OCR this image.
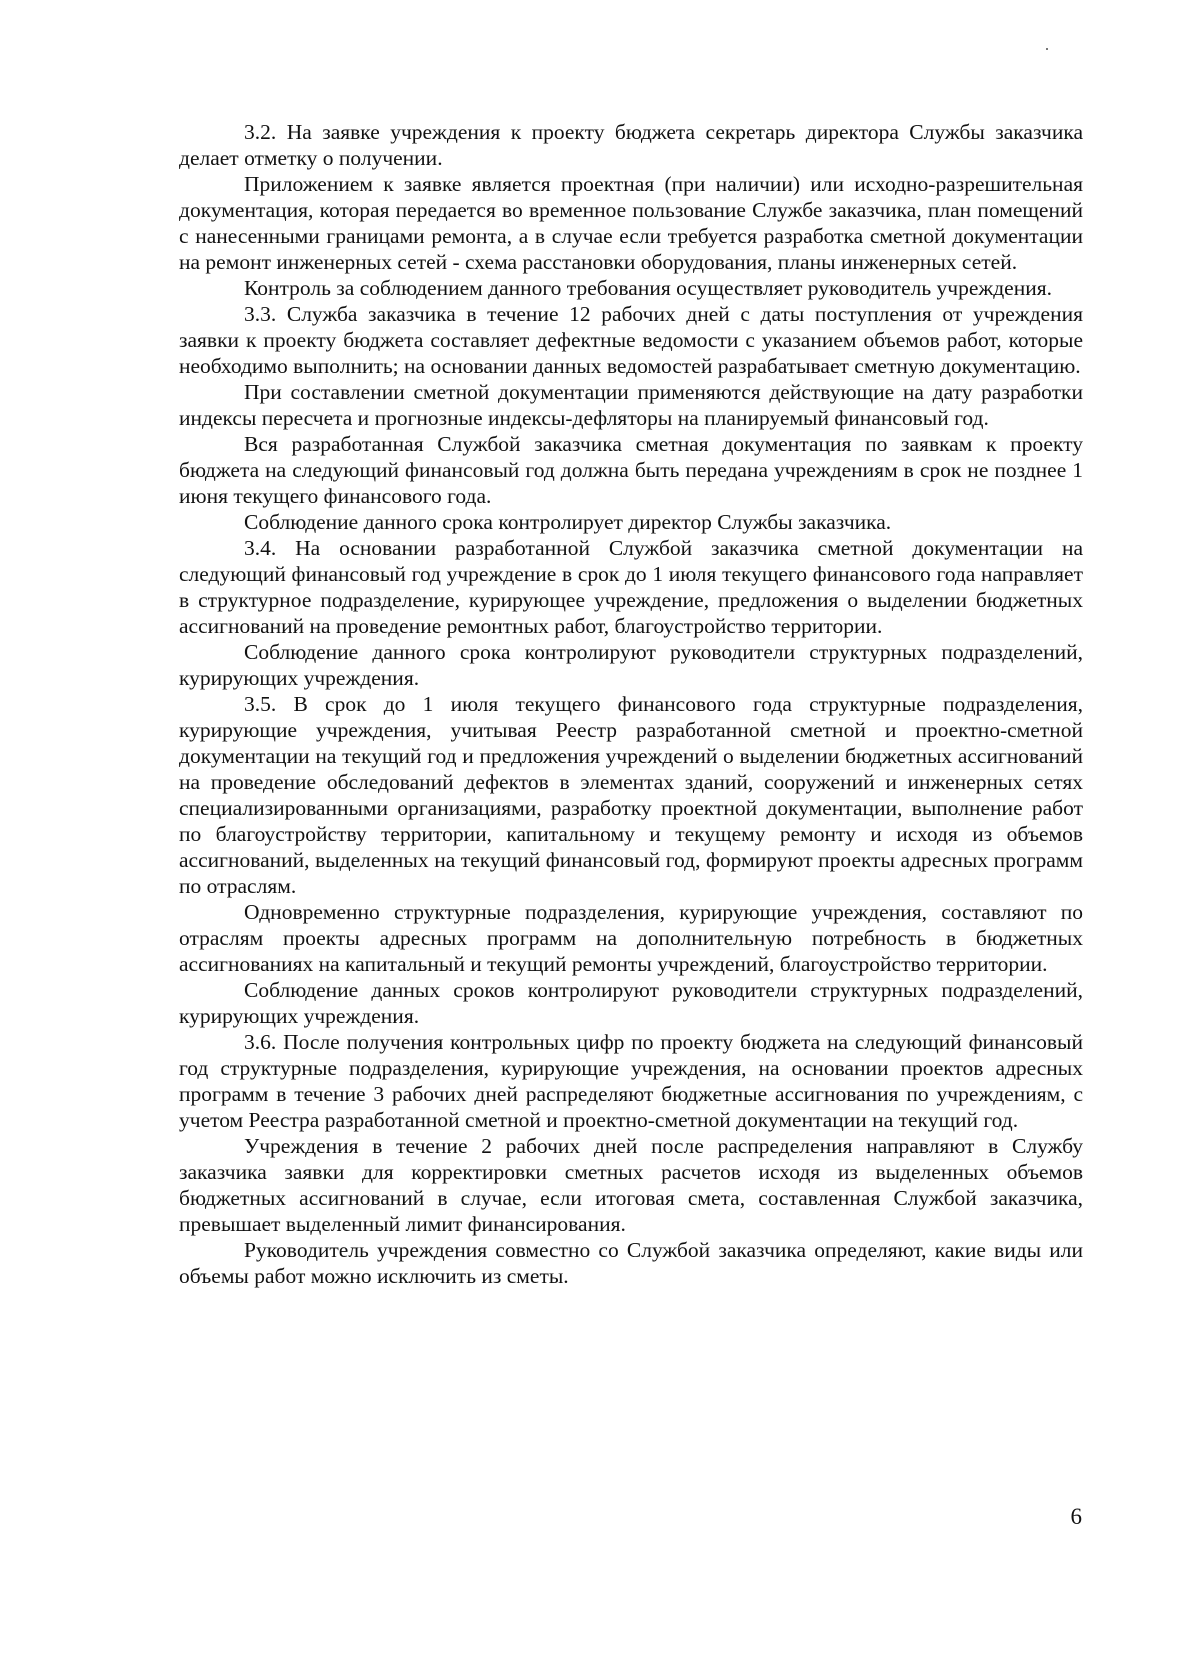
3.2. На заявке учреждения к проекту бюджета секретарь директора Службы заказчика делает отметку о получении.

Приложением к заявке является проектная (при наличии) или исходно-разрешительная документация, которая передается во временное пользование Службе заказчика, план помещений с нанесенными границами ремонта, а в случае если требуется разработка сметной документации на ремонт инженерных сетей - схема расстановки оборудования, планы инженерных сетей.

Контроль за соблюдением данного требования осуществляет руководитель учреждения.

3.3. Служба заказчика в течение 12 рабочих дней с даты поступления от учреждения заявки к проекту бюджета составляет дефектные ведомости с указанием объемов работ, которые необходимо выполнить; на основании данных ведомостей разрабатывает сметную документацию.

При составлении сметной документации применяются действующие на дату разработки индексы пересчета и прогнозные индексы-дефляторы на планируемый финансовый год.

Вся разработанная Службой заказчика сметная документация по заявкам к проекту бюджета на следующий финансовый год должна быть передана учреждениям в срок не позднее 1 июня текущего финансового года.

Соблюдение данного срока контролирует директор Службы заказчика.

3.4. На основании разработанной Службой заказчика сметной документации на следующий финансовый год учреждение в срок до 1 июля текущего финансового года направляет в структурное подразделение, курирующее учреждение, предложения о выделении бюджетных ассигнований на проведение ремонтных работ, благоустройство территории.

Соблюдение данного срока контролируют руководители структурных подразделений, курирующих учреждения.

3.5. В срок до 1 июля текущего финансового года структурные подразделения, курирующие учреждения, учитывая Реестр разработанной сметной и проектно-сметной документации на текущий год и предложения учреждений о выделении бюджетных ассигнований на проведение обследований дефектов в элементах зданий, сооружений и инженерных сетях специализированными организациями, разработку проектной документации, выполнение работ по благоустройству территории, капитальному и текущему ремонту и исходя из объемов ассигнований, выделенных на текущий финансовый год, формируют проекты адресных программ по отраслям.

Одновременно структурные подразделения, курирующие учреждения, составляют по отраслям проекты адресных программ на дополнительную потребность в бюджетных ассигнованиях на капитальный и текущий ремонты учреждений, благоустройство территории.

Соблюдение данных сроков контролируют руководители структурных подразделений, курирующих учреждения.

3.6. После получения контрольных цифр по проекту бюджета на следующий финансовый год структурные подразделения, курирующие учреждения, на основании проектов адресных программ в течение 3 рабочих дней распределяют бюджетные ассигнования по учреждениям, с учетом Реестра разработанной сметной и проектно-сметной документации на текущий год.

Учреждения в течение 2 рабочих дней после распределения направляют в Службу заказчика заявки для корректировки сметных расчетов исходя из выделенных объемов бюджетных ассигнований в случае, если итоговая смета, составленная Службой заказчика, превышает выделенный лимит финансирования.

Руководитель учреждения совместно со Службой заказчика определяют, какие виды или объемы работ можно исключить из сметы.

6
